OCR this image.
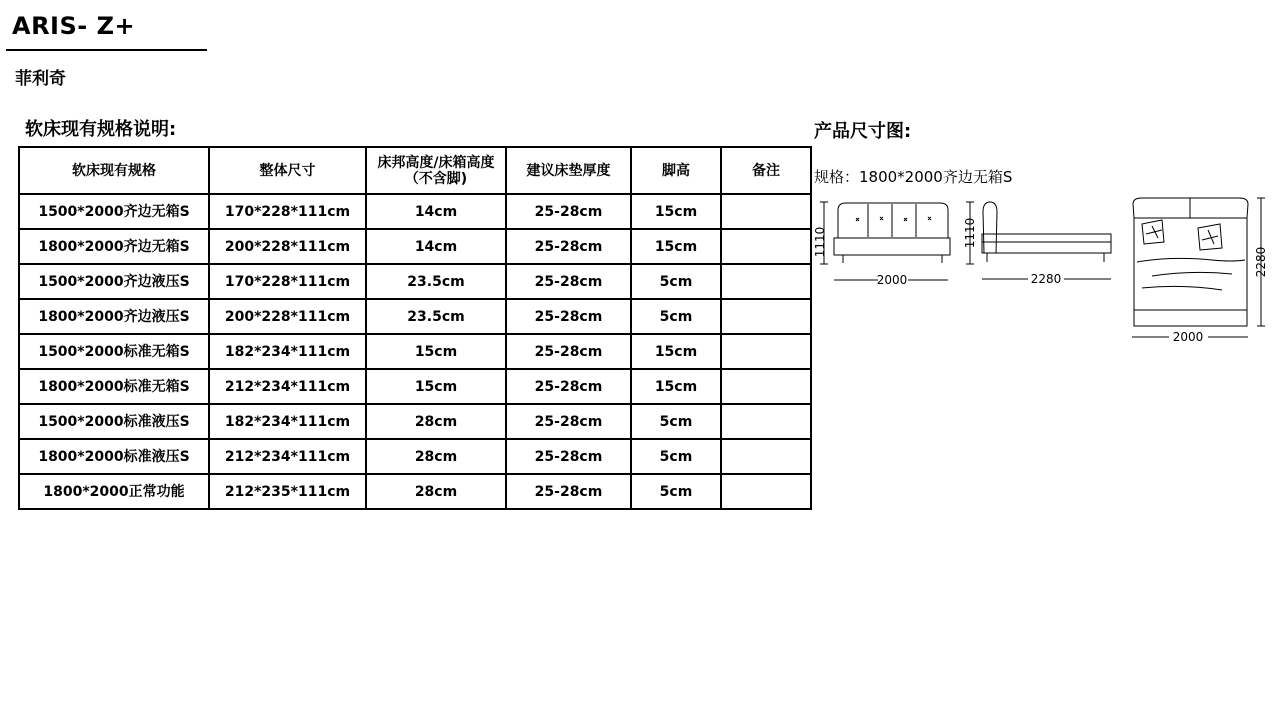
ARIS- Z+
菲利奇
软床现有规格说明:
软床现有规格	整体尺寸	床邦高度/床箱高度（不含脚)	建议床垫厚度	脚高	备注
1500*2000齐边无箱S	170*228*111cm	14cm	25-28cm	15cm	
1800*2000齐边无箱S	200*228*111cm	14cm	25-28cm	15cm	
1500*2000齐边液压S	170*228*111cm	23.5cm	25-28cm	5cm	
1800*2000齐边液压S	200*228*111cm	23.5cm	25-28cm	5cm	
1500*2000标准无箱S	182*234*111cm	15cm	25-28cm	15cm	
1800*2000标准无箱S	212*234*111cm	15cm	25-28cm	15cm	
1500*2000标准液压S	182*234*111cm	28cm	25-28cm	5cm	
1800*2000标准液压S	212*234*111cm	28cm	25-28cm	5cm	
1800*2000正常功能	212*235*111cm	28cm	25-28cm	5cm	
产品尺寸图:
规格：1800*2000齐边无箱S
1110
2000
1110
2280
2280
2000
